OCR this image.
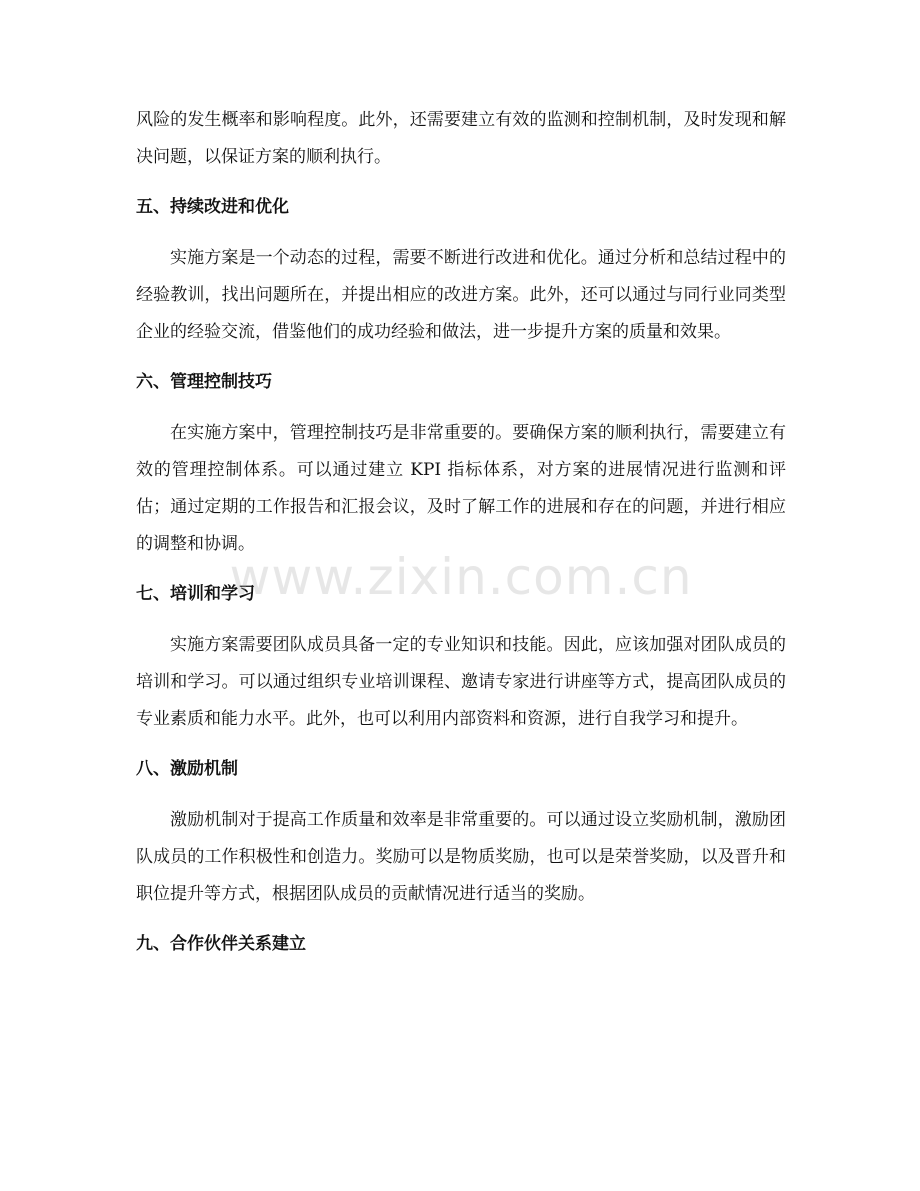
风险的发生概率和影响程度。此外，还需要建立有效的监测和控制机制，及时发现和解决问题，以保证方案的顺利执行。

五、持续改进和优化

实施方案是一个动态的过程，需要不断进行改进和优化。通过分析和总结过程中的经验教训，找出问题所在，并提出相应的改进方案。此外，还可以通过与同行业同类型企业的经验交流，借鉴他们的成功经验和做法，进一步提升方案的质量和效果。

六、管理控制技巧

在实施方案中，管理控制技巧是非常重要的。要确保方案的顺利执行，需要建立有效的管理控制体系。可以通过建立 KPI 指标体系，对方案的进展情况进行监测和评估；通过定期的工作报告和汇报会议，及时了解工作的进展和存在的问题，并进行相应的调整和协调。

七、培训和学习

实施方案需要团队成员具备一定的专业知识和技能。因此，应该加强对团队成员的培训和学习。可以通过组织专业培训课程、邀请专家进行讲座等方式，提高团队成员的专业素质和能力水平。此外，也可以利用内部资料和资源，进行自我学习和提升。

八、激励机制

激励机制对于提高工作质量和效率是非常重要的。可以通过设立奖励机制，激励团队成员的工作积极性和创造力。奖励可以是物质奖励，也可以是荣誉奖励，以及晋升和职位提升等方式，根据团队成员的贡献情况进行适当的奖励。

九、合作伙伴关系建立
www.zixin.com.cn
